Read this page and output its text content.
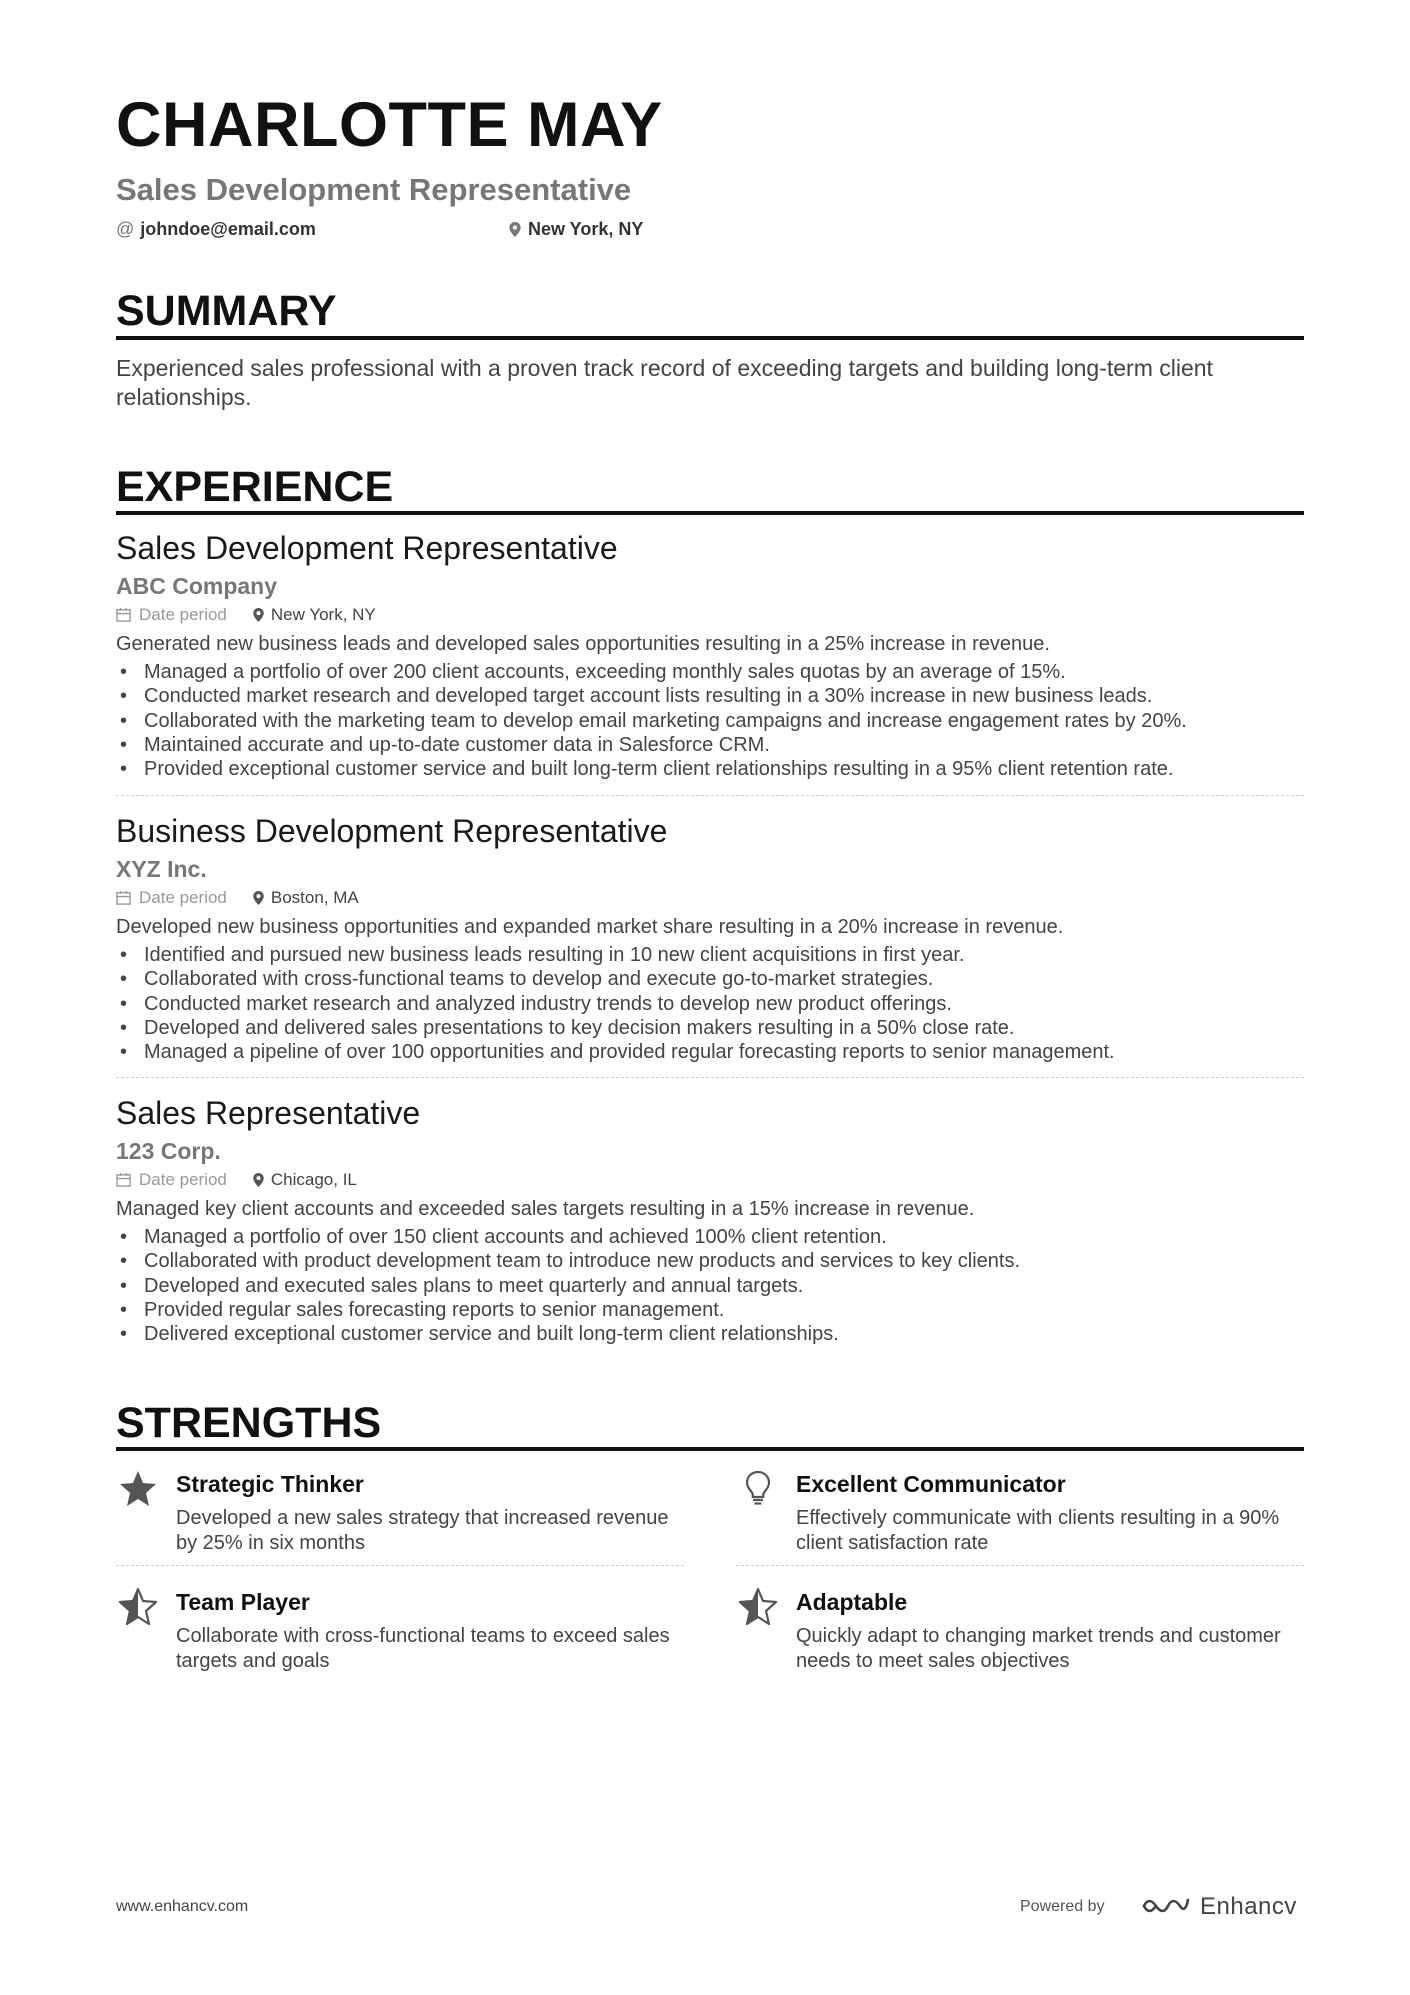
CHARLOTTE MAY
Sales Development Representative
@ johndoe@email.com	New York, NY
SUMMARY
Experienced sales professional with a proven track record of exceeding targets and building long-term client relationships.
EXPERIENCE
Sales Development Representative
ABC Company
Date period	New York, NY
Generated new business leads and developed sales opportunities resulting in a 25% increase in revenue.
• Managed a portfolio of over 200 client accounts, exceeding monthly sales quotas by an average of 15%.
• Conducted market research and developed target account lists resulting in a 30% increase in new business leads.
• Collaborated with the marketing team to develop email marketing campaigns and increase engagement rates by 20%.
• Maintained accurate and up-to-date customer data in Salesforce CRM.
• Provided exceptional customer service and built long-term client relationships resulting in a 95% client retention rate.
Business Development Representative
XYZ Inc.
Date period	Boston, MA
Developed new business opportunities and expanded market share resulting in a 20% increase in revenue.
• Identified and pursued new business leads resulting in 10 new client acquisitions in first year.
• Collaborated with cross-functional teams to develop and execute go-to-market strategies.
• Conducted market research and analyzed industry trends to develop new product offerings.
• Developed and delivered sales presentations to key decision makers resulting in a 50% close rate.
• Managed a pipeline of over 100 opportunities and provided regular forecasting reports to senior management.
Sales Representative
123 Corp.
Date period	Chicago, IL
Managed key client accounts and exceeded sales targets resulting in a 15% increase in revenue.
• Managed a portfolio of over 150 client accounts and achieved 100% client retention.
• Collaborated with product development team to introduce new products and services to key clients.
• Developed and executed sales plans to meet quarterly and annual targets.
• Provided regular sales forecasting reports to senior management.
• Delivered exceptional customer service and built long-term client relationships.
STRENGTHS
Strategic Thinker
Developed a new sales strategy that increased revenue by 25% in six months
Excellent Communicator
Effectively communicate with clients resulting in a 90% client satisfaction rate
Team Player
Collaborate with cross-functional teams to exceed sales targets and goals
Adaptable
Quickly adapt to changing market trends and customer needs to meet sales objectives
www.enhancv.com	Powered by	Enhancv
